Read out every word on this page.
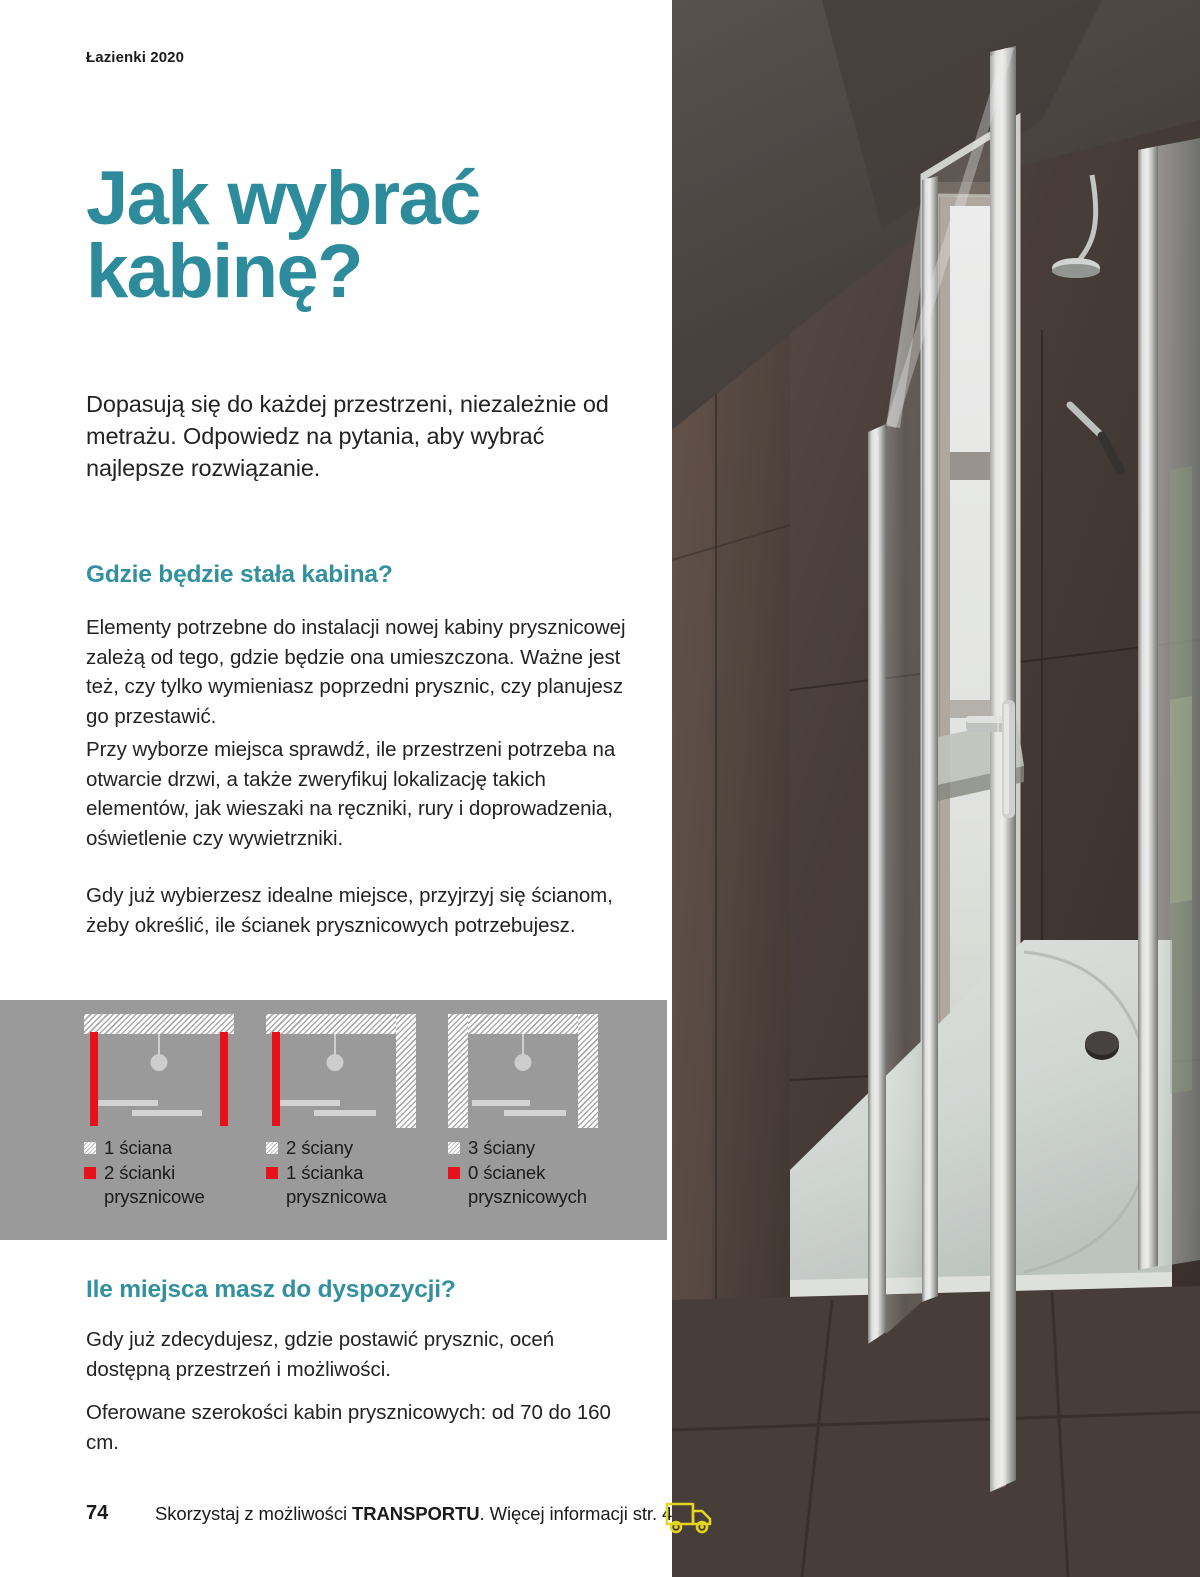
Łazienki 2020
Jak wybrać
kabinę?

Dopasują się do każdej przestrzeni, niezależnie od metrażu. Odpowiedz na pytania, aby wybrać najlepsze rozwiązanie.

Gdzie będzie stała kabina?

Elementy potrzebne do instalacji nowej kabiny prysznicowej zależą od tego, gdzie będzie ona umieszczona. Ważne jest też, czy tylko wymieniasz poprzedni prysznic, czy planujesz go przestawić.

Przy wyborze miejsca sprawdź, ile przestrzeni potrzeba na otwarcie drzwi, a także zweryfikuj lokalizację takich elementów, jak wieszaki na ręczniki, rury i doprowadzenia, oświetlenie czy wywietrzniki.

Gdy już wybierzesz idealne miejsce, przyjrzyj się ścianom, żeby określić, ile ścianek prysznicowych potrzebujesz.

1 ściana
2 ścianki
prysznicowe
2 ściany
1 ścianka
prysznicowa
3 ściany
0 ścianek
prysznicowych
Ile miejsca masz do dyspozycji?

Gdy już zdecydujesz, gdzie postawić prysznic, oceń dostępną przestrzeń i możliwości.

Oferowane szerokości kabin prysznicowych: od 70 do 160 cm.

74	Skorzystaj z możliwości TRANSPORTU. Więcej informacji str. 4
